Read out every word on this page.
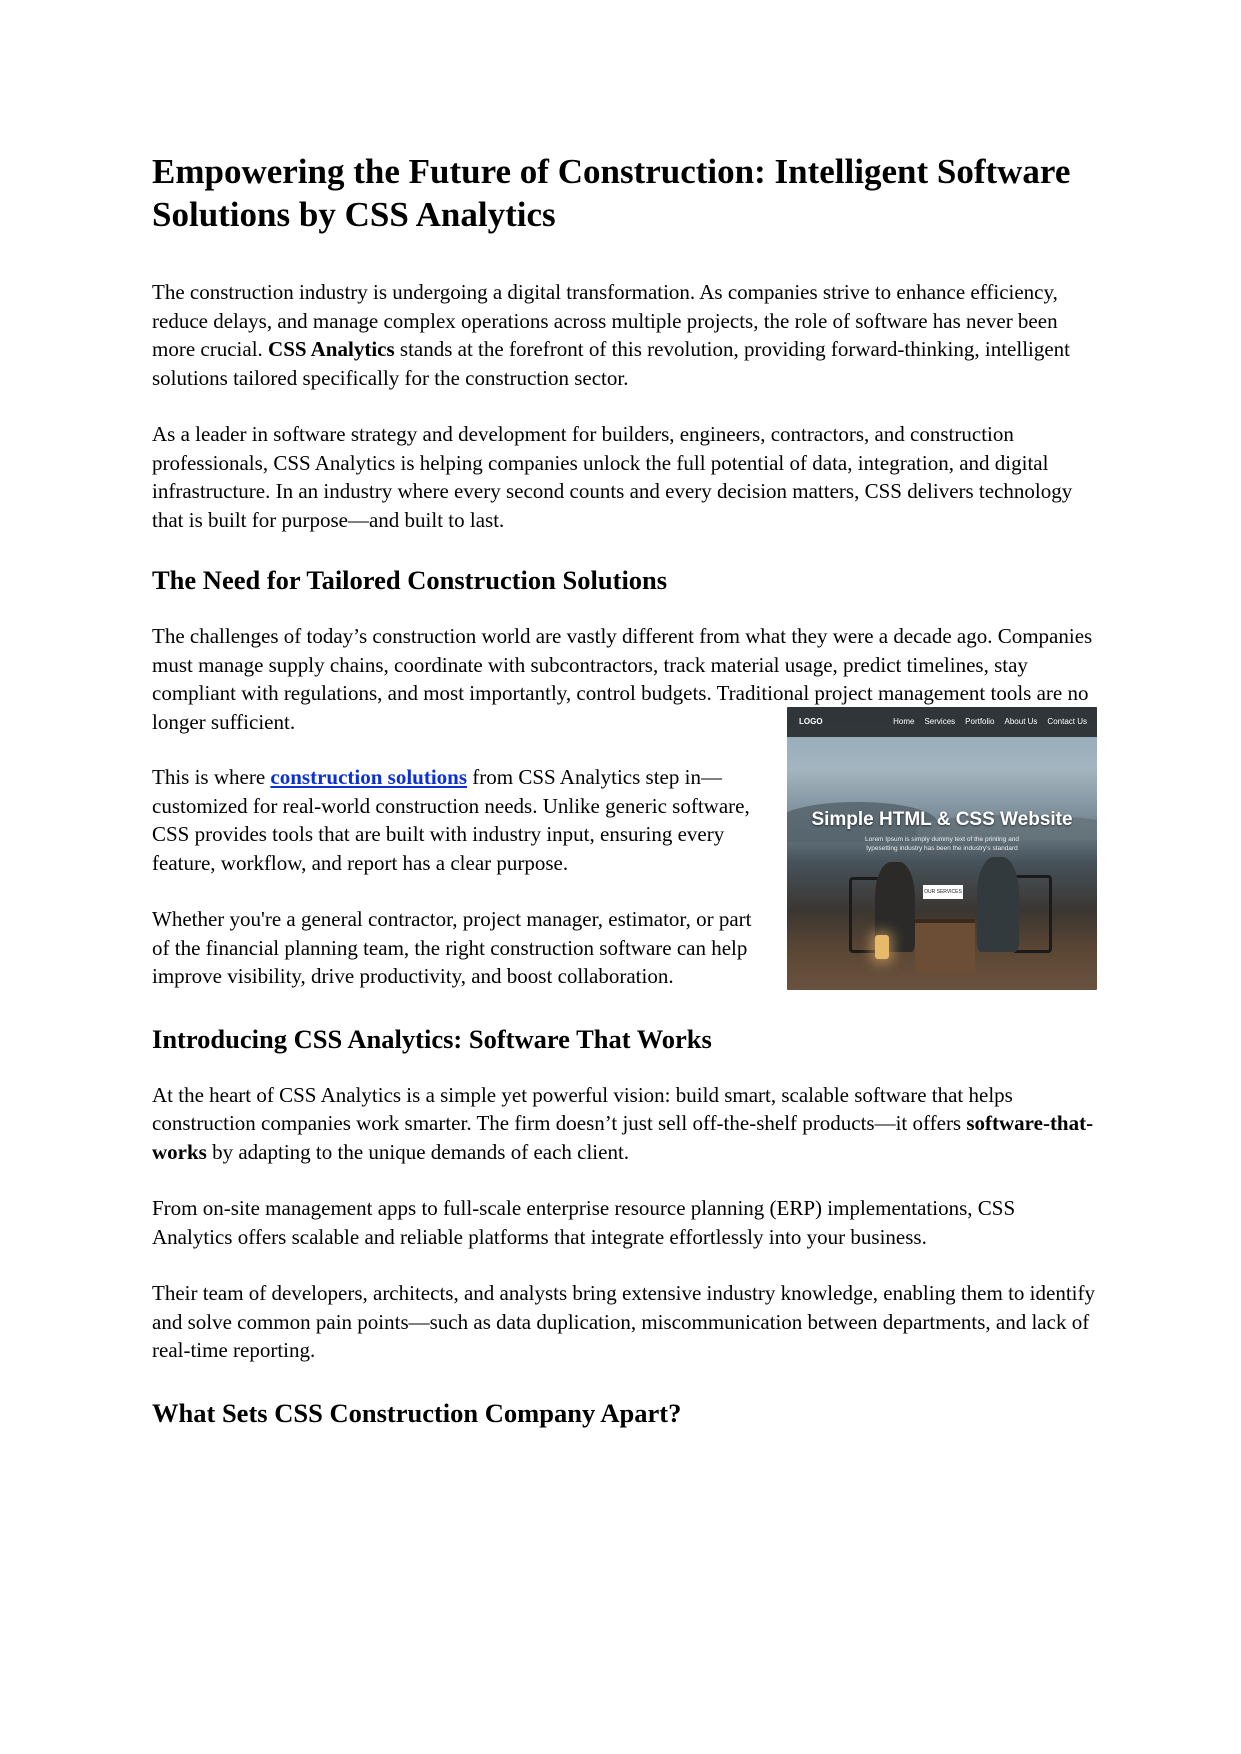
Empowering the Future of Construction: Intelligent Software Solutions by CSS Analytics

The construction industry is undergoing a digital transformation. As companies strive to enhance efficiency, reduce delays, and manage complex operations across multiple projects, the role of software has never been more crucial. CSS Analytics stands at the forefront of this revolution, providing forward-thinking, intelligent solutions tailored specifically for the construction sector.

As a leader in software strategy and development for builders, engineers, contractors, and construction professionals, CSS Analytics is helping companies unlock the full potential of data, integration, and digital infrastructure. In an industry where every second counts and every decision matters, CSS delivers technology that is built for purpose—and built to last.

The Need for Tailored Construction Solutions

The challenges of today’s construction world are vastly different from what they were a decade ago. Companies must manage supply chains, coordinate with subcontractors, track material usage, predict timelines, stay compliant with regulations, and most importantly, control budgets. Traditional project management tools are no longer sufficient.	LOGO	Home Services Portfolio About Us Contact Us
Simple HTML & CSS Website
Lorem Ipsum is simply dummy text of the printing and typesetting industry has been the industry's standard
OUR SERVICES

This is where construction solutions from CSS Analytics step in—customized for real-world construction needs. Unlike generic software, CSS provides tools that are built with industry input, ensuring every feature, workflow, and report has a clear purpose.

Whether you're a general contractor, project manager, estimator, or part of the financial planning team, the right construction software can help improve visibility, drive productivity, and boost collaboration.

Introducing CSS Analytics: Software That Works

At the heart of CSS Analytics is a simple yet powerful vision: build smart, scalable software that helps construction companies work smarter. The firm doesn’t just sell off-the-shelf products—it offers software-that-works by adapting to the unique demands of each client.

From on-site management apps to full-scale enterprise resource planning (ERP) implementations, CSS Analytics offers scalable and reliable platforms that integrate effortlessly into your business.

Their team of developers, architects, and analysts bring extensive industry knowledge, enabling them to identify and solve common pain points—such as data duplication, miscommunication between departments, and lack of real-time reporting.

What Sets CSS Construction Company Apart?
